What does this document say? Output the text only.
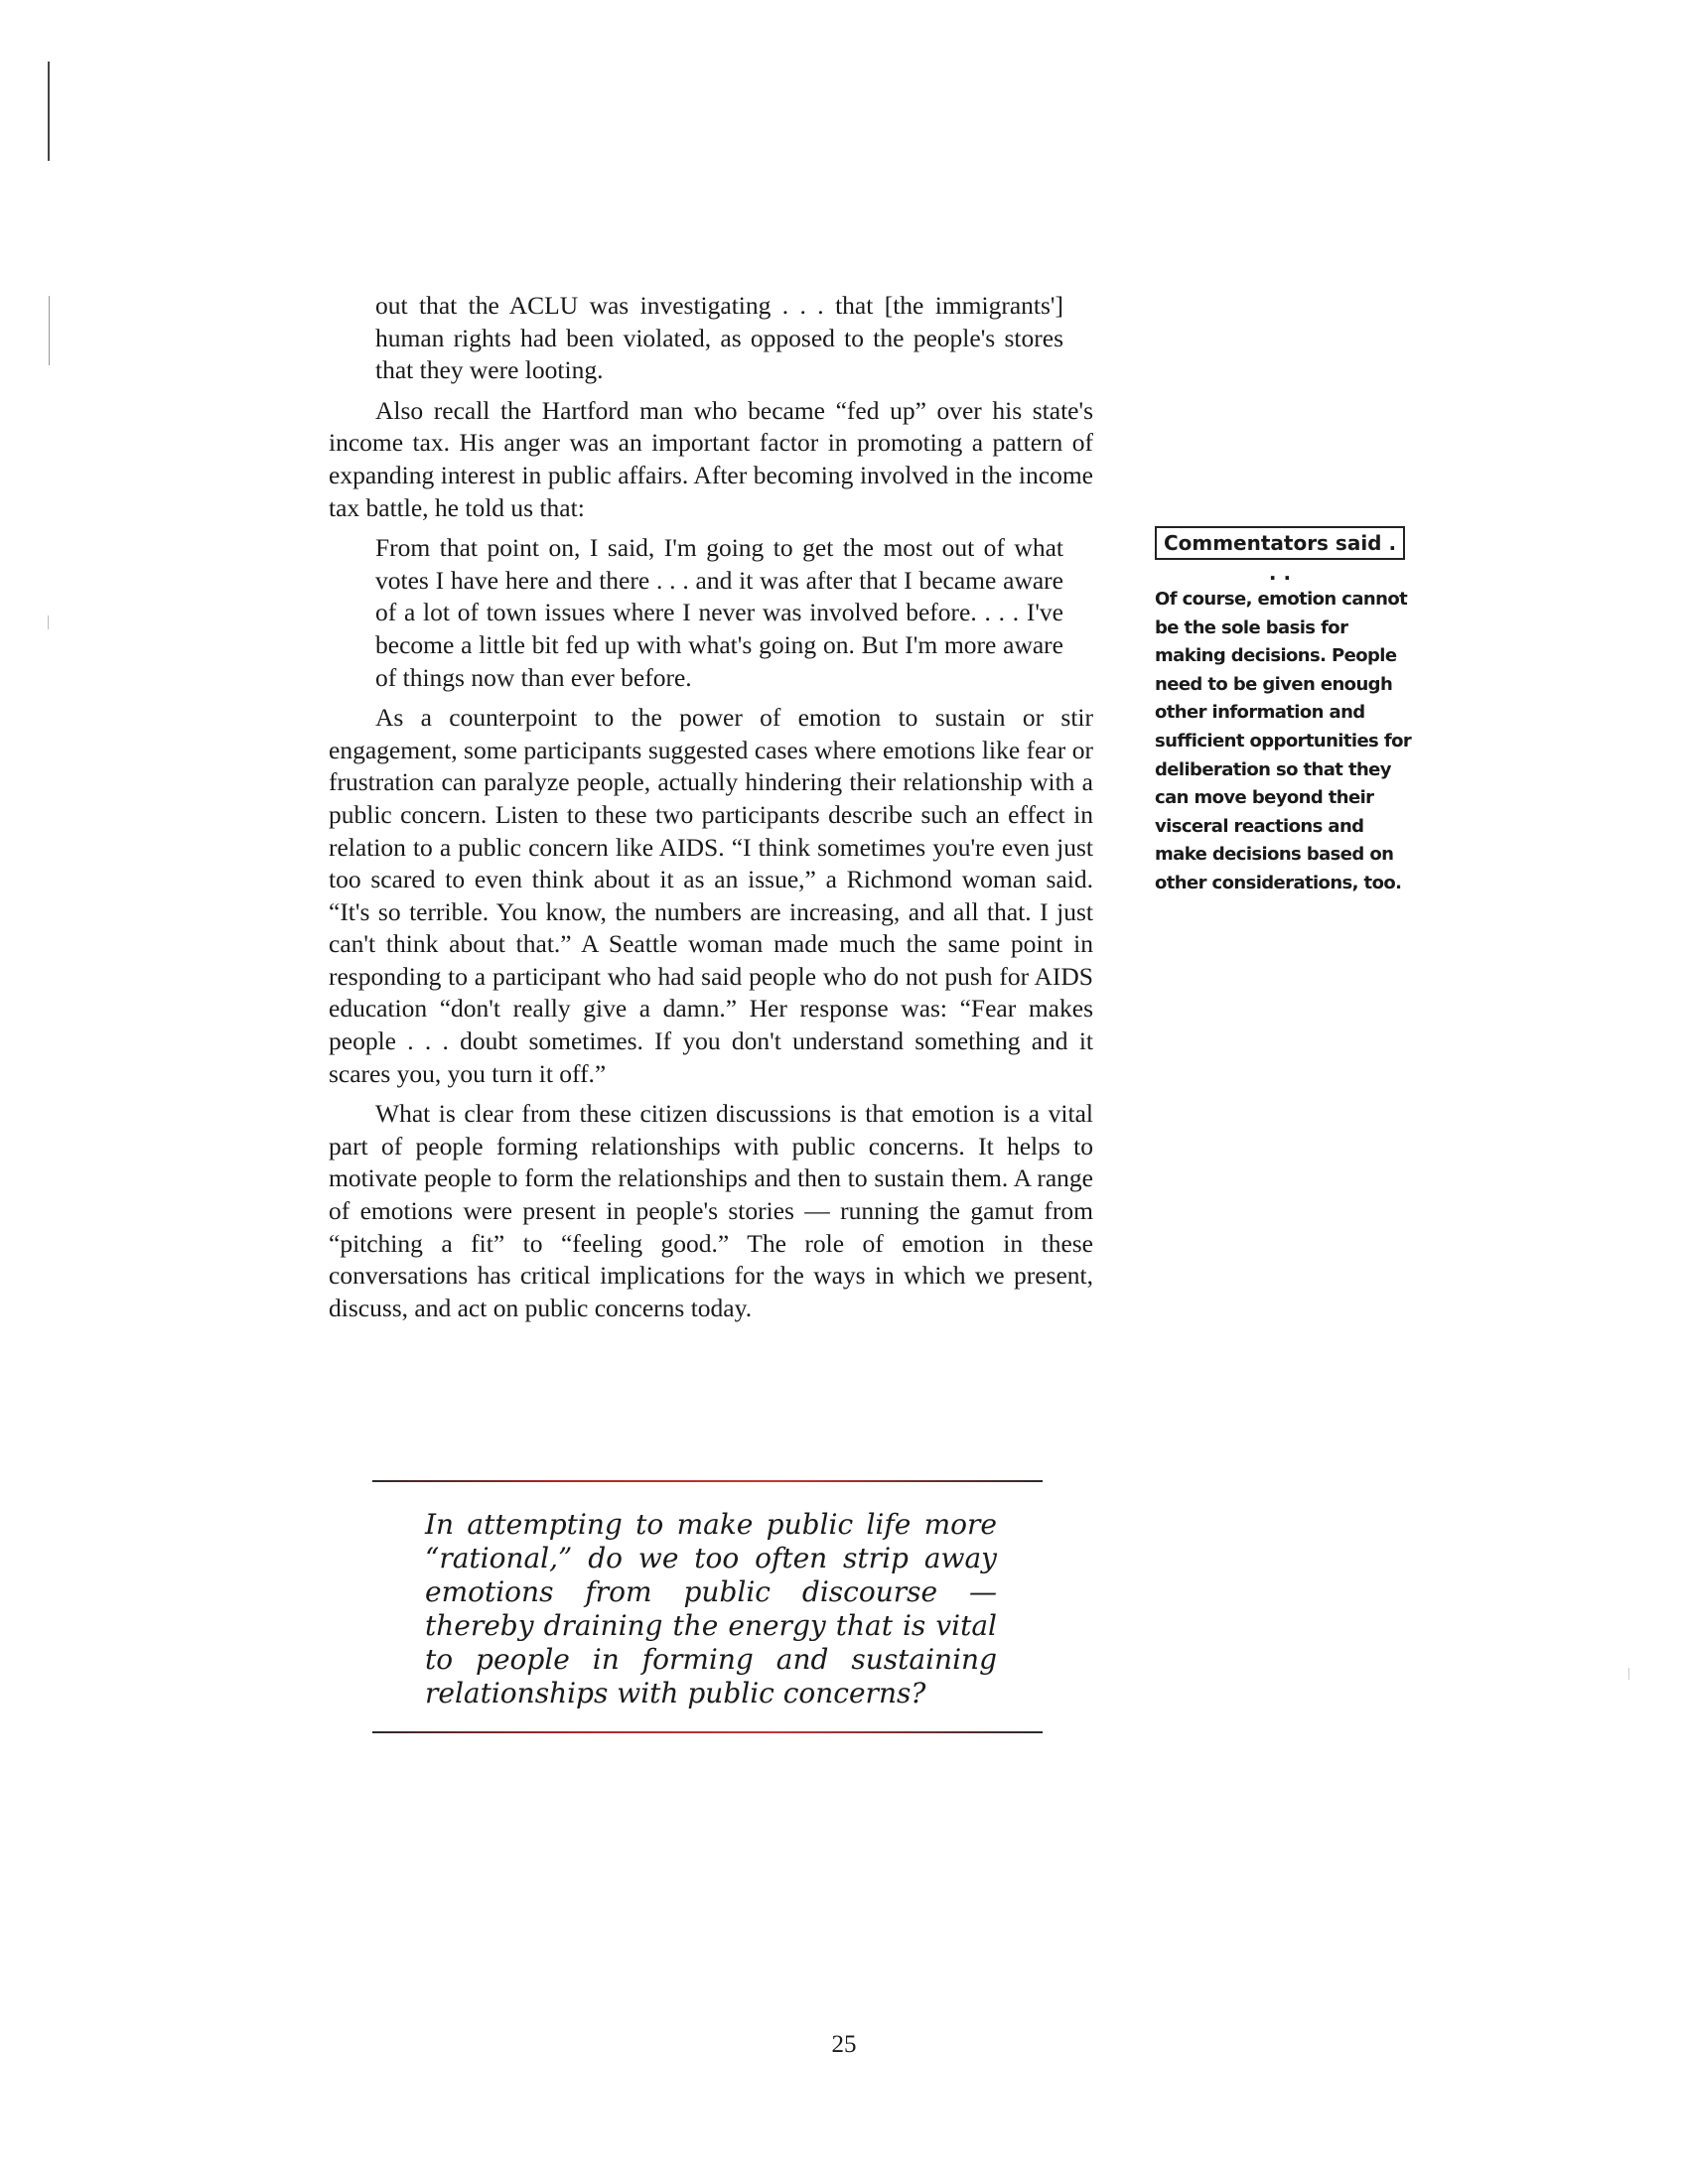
out that the ACLU was investigating . . . that [the immigrants'] human rights had been violated, as opposed to the people's stores that they were looting.

Also recall the Hartford man who became “fed up” over his state's income tax. His anger was an important factor in promoting a pattern of expanding interest in public affairs. After becoming involved in the income tax battle, he told us that:

From that point on, I said, I'm going to get the most out of what votes I have here and there . . . and it was after that I became aware of a lot of town issues where I never was involved before. . . . I've become a little bit fed up with what's going on. But I'm more aware of things now than ever before.

As a counterpoint to the power of emotion to sustain or stir engagement, some participants suggested cases where emotions like fear or frustration can paralyze people, actually hindering their relationship with a public concern. Listen to these two participants describe such an effect in relation to a public concern like AIDS. “I think sometimes you're even just too scared to even think about it as an issue,” a Richmond woman said. “It's so terrible. You know, the numbers are increasing, and all that. I just can't think about that.” A Seattle woman made much the same point in responding to a participant who had said people who do not push for AIDS education “don't really give a damn.” Her response was: “Fear makes people . . . doubt sometimes. If you don't understand something and it scares you, you turn it off.”

What is clear from these citizen discussions is that emotion is a vital part of people forming relationships with public concerns. It helps to motivate people to form the relationships and then to sustain them. A range of emotions were present in people's stories — running the gamut from “pitching a fit” to “feeling good.” The role of emotion in these conversations has critical implications for the ways in which we present, discuss, and act on public concerns today.

Commentators said . . .
Of course, emotion cannot be the sole basis for making decisions. People need to be given enough other information and sufficient opportunities for deliberation so that they can move beyond their visceral reactions and make decisions based on other considerations, too.
In attempting to make public life more “rational,” do we too often strip away emotions from public discourse — thereby draining the energy that is vital to people in forming and sustaining relationships with public concerns?
25
